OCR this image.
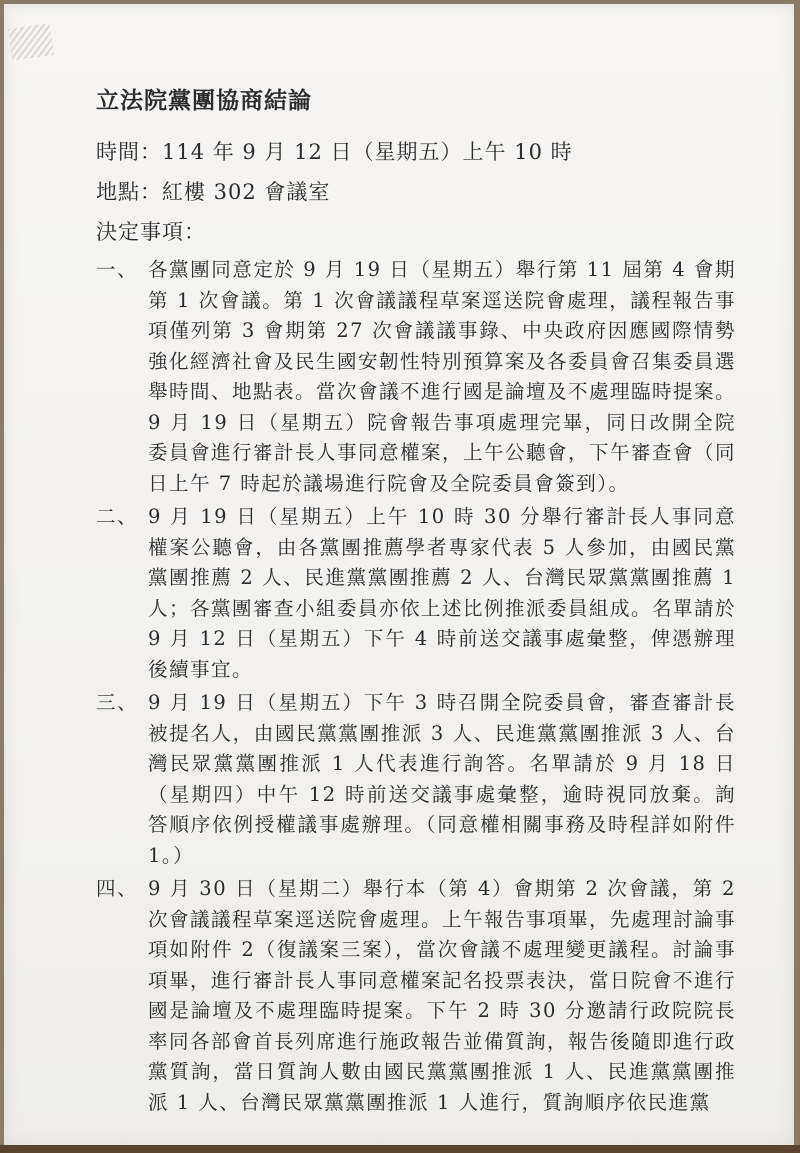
立法院黨團協商結論
時間：114 年 9 月 12 日（星期五）上午 10 時
地點：紅樓 302 會議室
決定事項：
一、 各黨團同意定於 9 月 19 日（星期五）舉行第 11 屆第 4 會期第 1 次會議。第 1 次會議議程草案逕送院會處理，議程報告事項僅列第 3 會期第 27 次會議議事錄、中央政府因應國際情勢強化經濟社會及民生國安韌性特別預算案及各委員會召集委員選舉時間、地點表。當次會議不進行國是論壇及不處理臨時提案。9 月 19 日（星期五）院會報告事項處理完畢，同日改開全院委員會進行審計長人事同意權案，上午公聽會，下午審查會（同日上午 7 時起於議場進行院會及全院委員會簽到）。
二、 9 月 19 日（星期五）上午 10 時 30 分舉行審計長人事同意權案公聽會，由各黨團推薦學者專家代表 5 人參加，由國民黨黨團推薦 2 人、民進黨黨團推薦 2 人、台灣民眾黨黨團推薦 1 人；各黨團審查小組委員亦依上述比例推派委員組成。名單請於 9 月 12 日（星期五）下午 4 時前送交議事處彙整，俾憑辦理後續事宜。
三、 9 月 19 日（星期五）下午 3 時召開全院委員會，審查審計長被提名人，由國民黨黨團推派 3 人、民進黨黨團推派 3 人、台灣民眾黨黨團推派 1 人代表進行詢答。名單請於 9 月 18 日（星期四）中午 12 時前送交議事處彙整，逾時視同放棄。詢答順序依例授權議事處辦理。（同意權相關事務及時程詳如附件 1。）
四、 9 月 30 日（星期二）舉行本（第 4）會期第 2 次會議，第 2 次會議議程草案逕送院會處理。上午報告事項畢，先處理討論事項如附件 2（復議案三案），當次會議不處理變更議程。討論事項畢，進行審計長人事同意權案記名投票表決，當日院會不進行國是論壇及不處理臨時提案。下午 2 時 30 分邀請行政院院長率同各部會首長列席進行施政報告並備質詢，報告後隨即進行政黨質詢，當日質詢人數由國民黨黨團推派 1 人、民進黨黨團推派 1 人、台灣民眾黨黨團推派 1 人進行，質詢順序依民進黨
